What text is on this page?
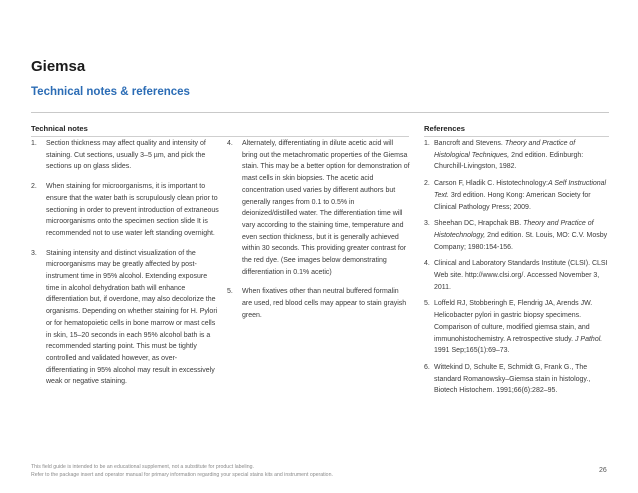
Giemsa
Technical notes & references

Technical notes	References

1.	Section thickness may affect quality and intensity of staining. Cut sections, usually 3–5 µm, and pick the sections up on glass slides.
2.	When staining for microorganisms, it is important to ensure that the water bath is scrupulously clean prior to sectioning in order to prevent introduction of extraneous microorganisms onto the specimen section slide It is recommended not to use water left standing overnight.
3.	Staining intensity and distinct visualization of the microorganisms may be greatly affected by post-instrument time in 95% alcohol. Extending exposure time in alcohol dehydration bath will enhance differentiation but, if overdone, may also decolorize the organisms. Depending on whether staining for H. Pylori or for hematopoietic cells in bone marrow or mast cells in skin, 15–20 seconds in each 95% alcohol bath is a recommended starting point. This must be tightly controlled and validated however, as over-differentiating in 95% alcohol may result in excessively weak or negative staining.
4.	Alternately, differentiating in dilute acetic acid will bring out the metachromatic properties of the Giemsa stain. This may be a better option for demonstration of mast cells in skin biopsies. The acetic acid concentration used varies by different authors but generally ranges from 0.1 to 0.5% in deionized/distilled water. The differentiation time will vary according to the staining time, temperature and even section thickness, but it is generally achieved within 30 seconds. This providing greater contrast for the red dye. (See images below demonstrating differentiation in 0.1% acetic)
5.	When fixatives other than neutral buffered formalin are used, red blood cells may appear to stain grayish green.
1. Bancroft and Stevens. Theory and Practice of Histological Techniques, 2nd edition. Edinburgh: Churchill-Livingston, 1982.
2. Carson F, Hladik C. Histotechnology:A Self Instructional Text. 3rd edition. Hong Kong: American Society for Clinical Pathology Press; 2009.
3. Sheehan DC, Hrapchak BB. Theory and Practice of Histotechnology, 2nd edition. St. Louis, MO: C.V. Mosby Company; 1980:154-156.
4. Clinical and Laboratory Standards Institute (CLSI). CLSI Web site. http://www.clsi.org/. Accessed November 3, 2011.
5. Loffeld RJ, Stobberingh E, Flendrig JA, Arends JW. Helicobacter pylori in gastric biopsy specimens. Comparison of culture, modified giemsa stain, and immunohistochemistry. A retrospective study. J Pathol. 1991 Sep;165(1):69–73.
6. Wittekind D, Schulte E, Schmidt G, Frank G., The standard Romanowsky–Giemsa stain in histology., Biotech Histochem. 1991;66(6):282–95.
This field guide is intended to be an educational supplement, not a substitute for product labeling.
Refer to the package insert and operator manual for primary information regarding your special stains kits and instrument operation.
26
